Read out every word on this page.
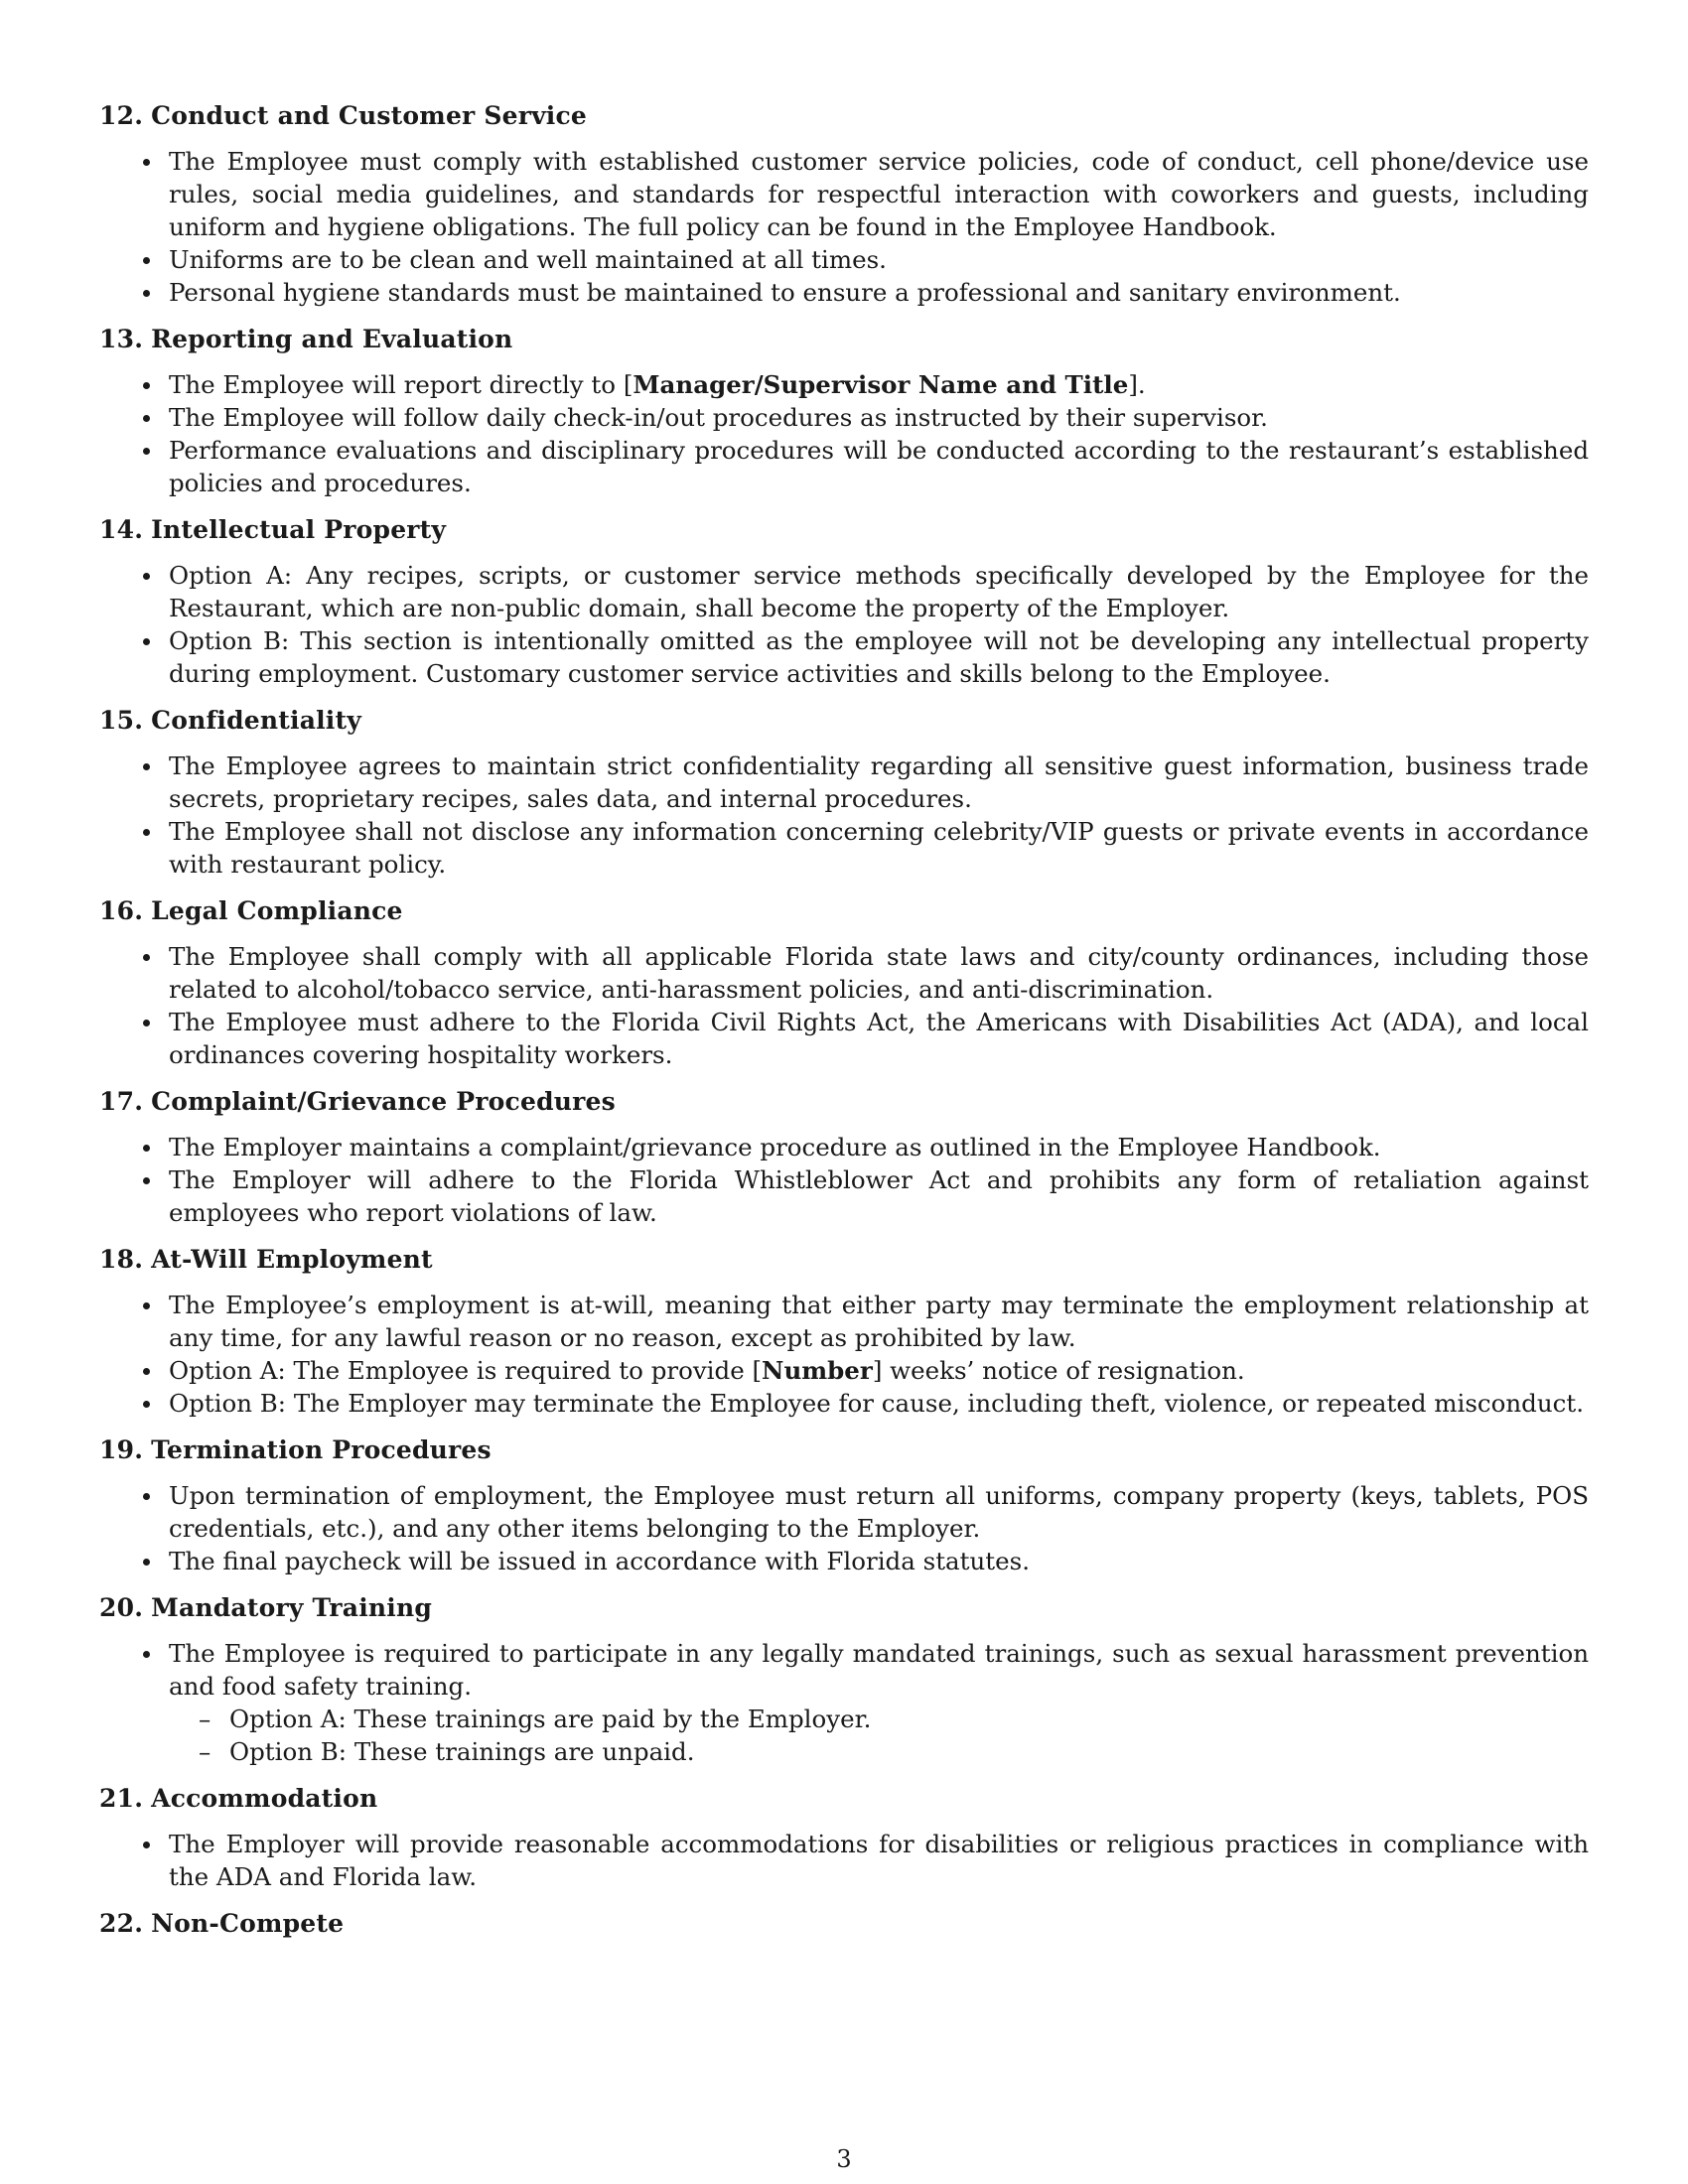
12. Conduct and Customer Service
The Employee must comply with established customer service policies, code of conduct, cell phone/device use rules, social media guidelines, and standards for respectful interaction with coworkers and guests, including uniform and hygiene obligations. The full policy can be found in the Employee Handbook.
Uniforms are to be clean and well maintained at all times.
Personal hygiene standards must be maintained to ensure a professional and sanitary environment.
13. Reporting and Evaluation
The Employee will report directly to [Manager/Supervisor Name and Title].
The Employee will follow daily check-in/out procedures as instructed by their supervisor.
Performance evaluations and disciplinary procedures will be conducted according to the restaurant’s established policies and procedures.
14. Intellectual Property
Option A: Any recipes, scripts, or customer service methods specifically developed by the Employee for the Restaurant, which are non-public domain, shall become the property of the Employer.
Option B: This section is intentionally omitted as the employee will not be developing any intellectual property during employment. Customary customer service activities and skills belong to the Employee.
15. Confidentiality
The Employee agrees to maintain strict confidentiality regarding all sensitive guest information, business trade secrets, proprietary recipes, sales data, and internal procedures.
The Employee shall not disclose any information concerning celebrity/VIP guests or private events in accordance with restaurant policy.
16. Legal Compliance
The Employee shall comply with all applicable Florida state laws and city/county ordinances, including those related to alcohol/tobacco service, anti-harassment policies, and anti-discrimination.
The Employee must adhere to the Florida Civil Rights Act, the Americans with Disabilities Act (ADA), and local ordinances covering hospitality workers.
17. Complaint/Grievance Procedures
The Employer maintains a complaint/grievance procedure as outlined in the Employee Handbook.
The Employer will adhere to the Florida Whistleblower Act and prohibits any form of retaliation against employees who report violations of law.
18. At-Will Employment
The Employee’s employment is at-will, meaning that either party may terminate the employment relationship at any time, for any lawful reason or no reason, except as prohibited by law.
Option A: The Employee is required to provide [Number] weeks’ notice of resignation.
Option B: The Employer may terminate the Employee for cause, including theft, violence, or repeated misconduct.
19. Termination Procedures
Upon termination of employment, the Employee must return all uniforms, company property (keys, tablets, POS credentials, etc.), and any other items belonging to the Employer.
The final paycheck will be issued in accordance with Florida statutes.
20. Mandatory Training
The Employee is required to participate in any legally mandated trainings, such as sexual harassment prevention and food safety training.
– Option A: These trainings are paid by the Employer.
– Option B: These trainings are unpaid.
21. Accommodation
The Employer will provide reasonable accommodations for disabilities or religious practices in compliance with the ADA and Florida law.
22. Non-Compete
3
